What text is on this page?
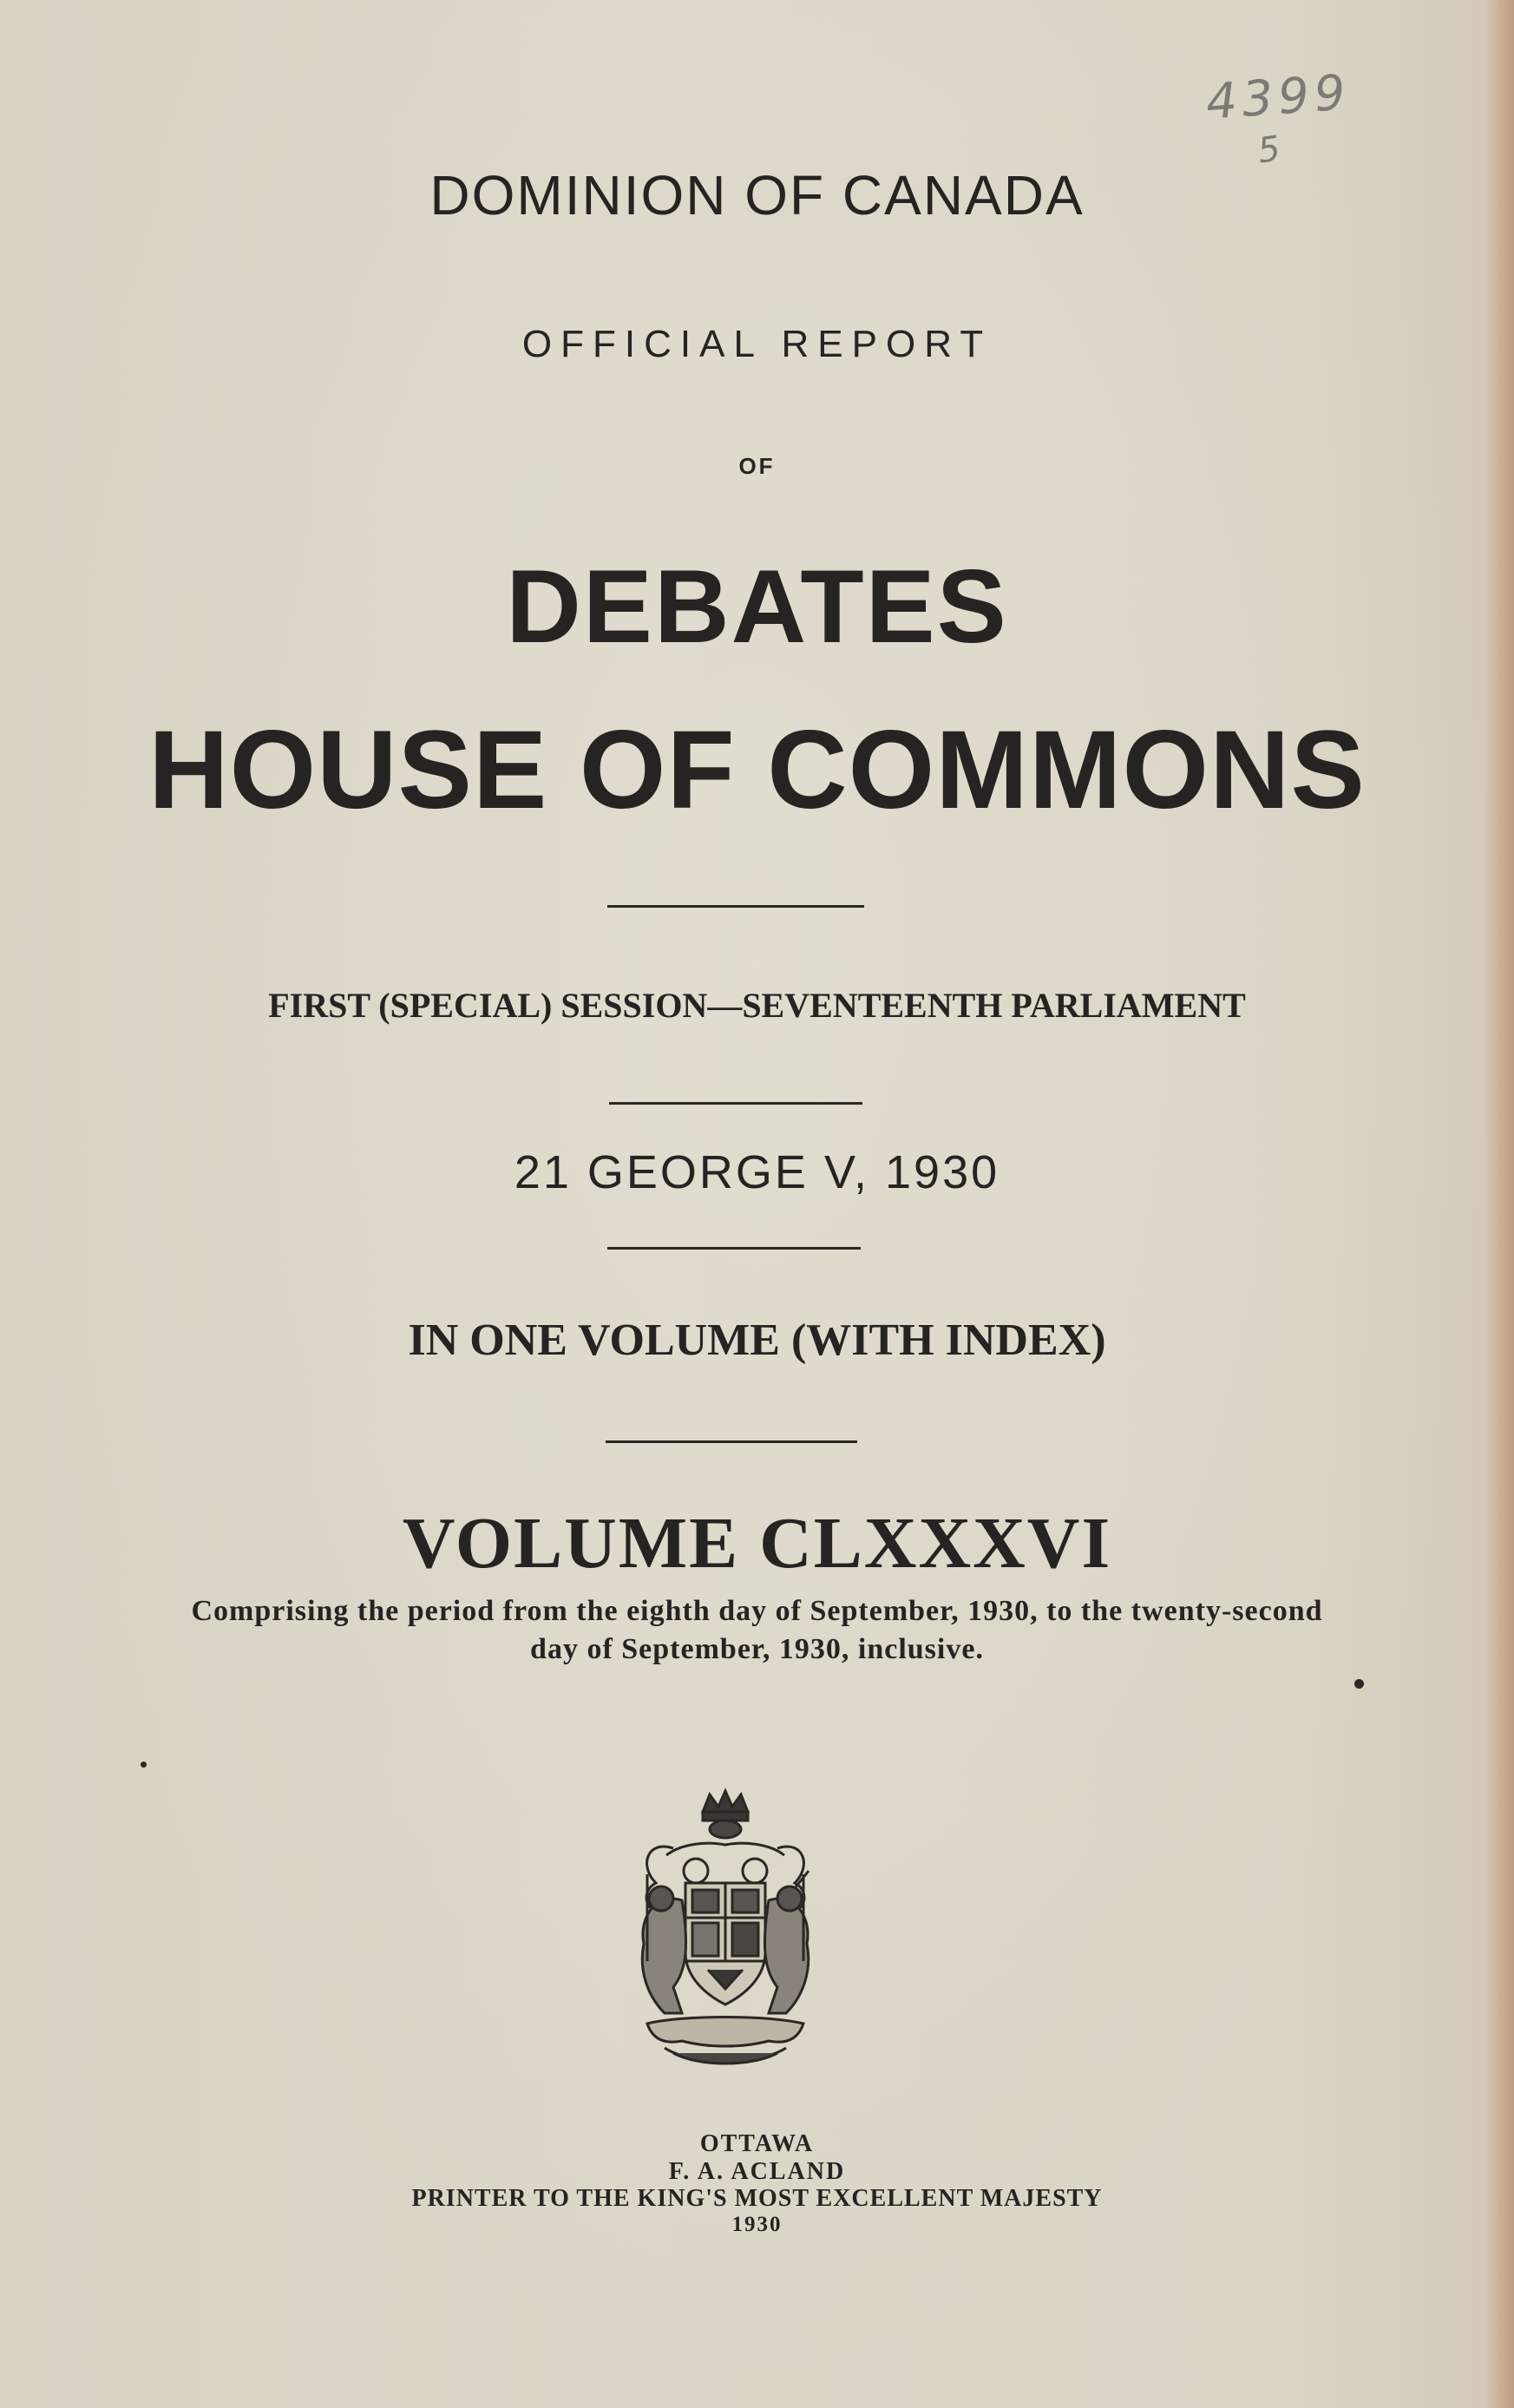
4399
5
DOMINION OF CANADA
OFFICIAL REPORT
OF
DEBATES
HOUSE OF COMMONS
FIRST (SPECIAL) SESSION—SEVENTEENTH PARLIAMENT
21 GEORGE V, 1930
IN ONE VOLUME (WITH INDEX)
VOLUME CLXXXVI
Comprising the period from the eighth day of September, 1930, to the twenty-second
day of September, 1930, inclusive.
OTTAWA
F. A. ACLAND
PRINTER TO THE KING'S MOST EXCELLENT MAJESTY
1930
